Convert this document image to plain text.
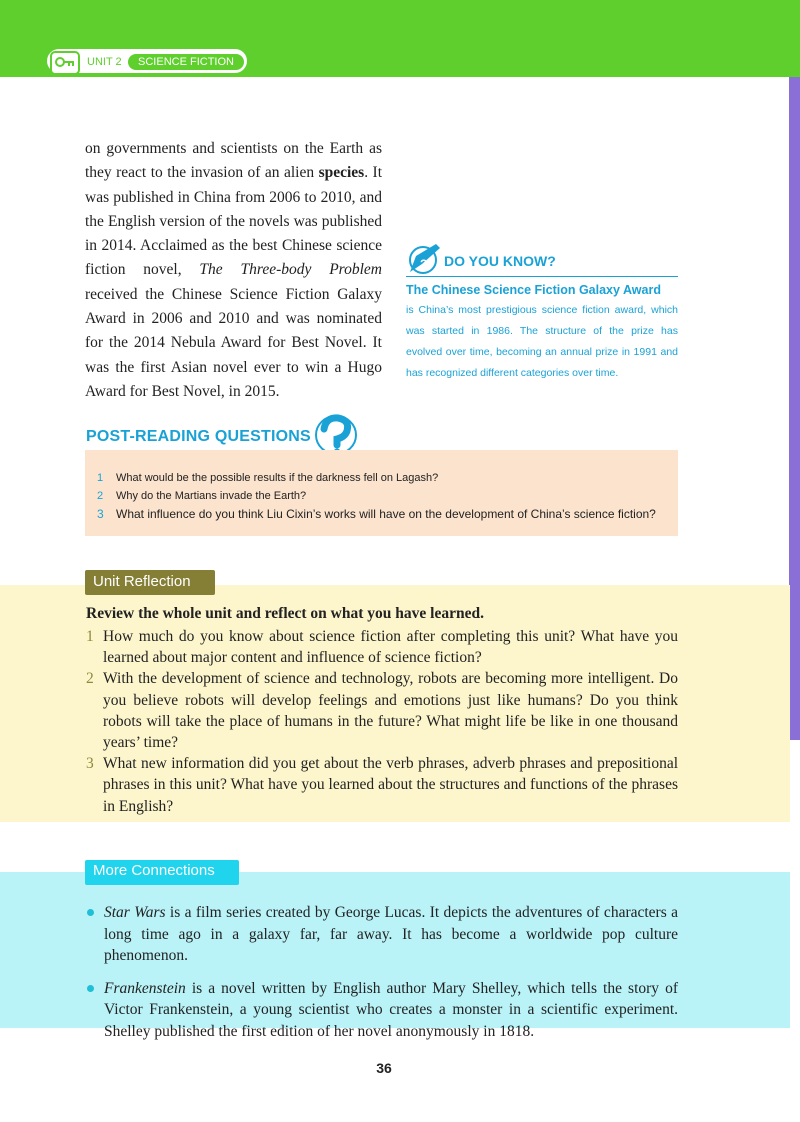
UNIT 2	SCIENCE FICTION

on governments and scientists on the Earth as they react to the invasion of an alien species. It was published in China from 2006 to 2010, and the English version of the novels was published in 2014. Acclaimed as the best Chinese science fiction novel, The Three-body Problem received the Chinese Science Fiction Galaxy Award in 2006 and 2010 and was nominated for the 2014 Nebula Award for Best Novel. It was the first Asian novel ever to win a Hugo Award for Best Novel, in 2015.

? DO YOU KNOW?
The Chinese Science Fiction Galaxy Award

is China’s most prestigious science fiction award, which was started in 1986. The structure of the prize has evolved over time, becoming an annual prize in 1991 and has recognized different categories over time.

POST-READING QUESTIONS
1 What would be the possible results if the darkness fell on Lagash?
2 Why do the Martians invade the Earth?
3 What influence do you think Liu Cixin’s works will have on the development of China’s science fiction?
Unit Reflection
Review the whole unit and reflect on what you have learned.
1 How much do you know about science fiction after completing this unit? What have you learned about major content and influence of science fiction?
2 With the development of science and technology, robots are becoming more intelligent. Do you believe robots will develop feelings and emotions just like humans? Do you think robots will take the place of humans in the future? What might life be like in one thousand years’ time?
3 What new information did you get about the verb phrases, adverb phrases and prepositional phrases in this unit? What have you learned about the structures and functions of the phrases in English?
More Connections
Star Wars is a film series created by George Lucas. It depicts the adventures of characters a long time ago in a galaxy far, far away. It has become a worldwide pop culture phenomenon.
Frankenstein is a novel written by English author Mary Shelley, which tells the story of Victor Frankenstein, a young scientist who creates a monster in a scientific experiment. Shelley published the first edition of her novel anonymously in 1818.
36
